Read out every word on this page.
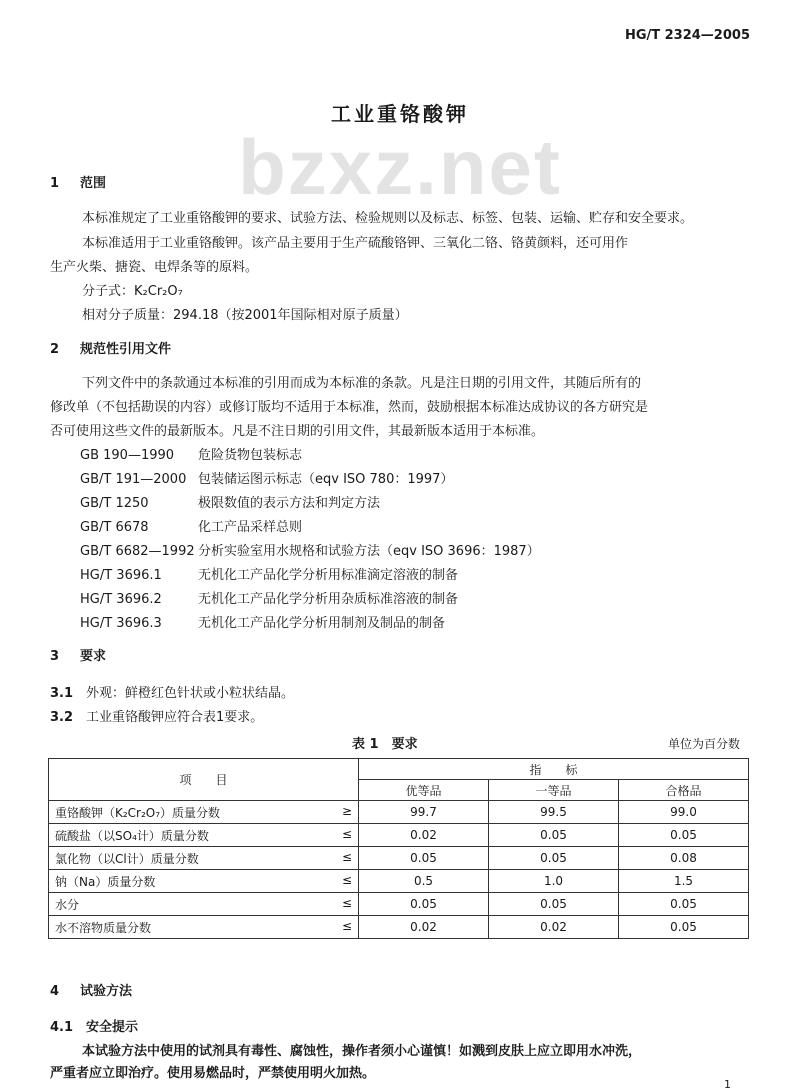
HG/T 2324—2005
bzxz.net
工业重铬酸钾
1 范围
本标准规定了工业重铬酸钾的要求、试验方法、检验规则以及标志、标签、包装、运输、贮存和安全要求。
本标准适用于工业重铬酸钾。该产品主要用于生产硫酸铬钾、三氧化二铬、铬黄颜料，还可用作
生产火柴、搪瓷、电焊条等的原料。
分子式：K₂Cr₂O₇
相对分子质量：294.18（按2001年国际相对原子质量）
2 规范性引用文件
下列文件中的条款通过本标准的引用而成为本标准的条款。凡是注日期的引用文件，其随后所有的
修改单（不包括勘误的内容）或修订版均不适用于本标准，然而，鼓励根据本标准达成协议的各方研究是
否可使用这些文件的最新版本。凡是不注日期的引用文件，其最新版本适用于本标准。
GB 190—1990 危险货物包装标志
GB/T 191—2000 包装储运图示标志（eqv ISO 780：1997）
GB/T 1250	极限数值的表示方法和判定方法
GB/T 6678	化工产品采样总则
GB/T 6682—1992 分析实验室用水规格和试验方法（eqv ISO 3696：1987）
HG/T 3696.1	无机化工产品化学分析用标准滴定溶液的制备
HG/T 3696.2	无机化工产品化学分析用杂质标准溶液的制备
HG/T 3696.3	无机化工产品化学分析用制剂及制品的制备
3 要求
3.1 外观：鲜橙红色针状或小粒状结晶。
3.2 工业重铬酸钾应符合表1要求。
表 1　要求	单位为百分数
项　　目	指　　标		
	优等品	一等品	合格品
重铬酸钾（K₂Cr₂O₇）质量分数 ≥	99.7	99.5	99.0
硫酸盐（以SO₄计）质量分数 ≤	0.02	0.05	0.05
氯化物（以Cl计）质量分数 ≤	0.05	0.05	0.08
钠（Na）质量分数 ≤	0.5	1.0	1.5
水分 ≤	0.05	0.05	0.05
水不溶物质量分数 ≤	0.02	0.02	0.05
4 试验方法
4.1 安全提示
本试验方法中使用的试剂具有毒性、腐蚀性，操作者须小心谨慎！如溅到皮肤上应立即用水冲洗，
严重者应立即治疗。使用易燃品时，严禁使用明火加热。
1
